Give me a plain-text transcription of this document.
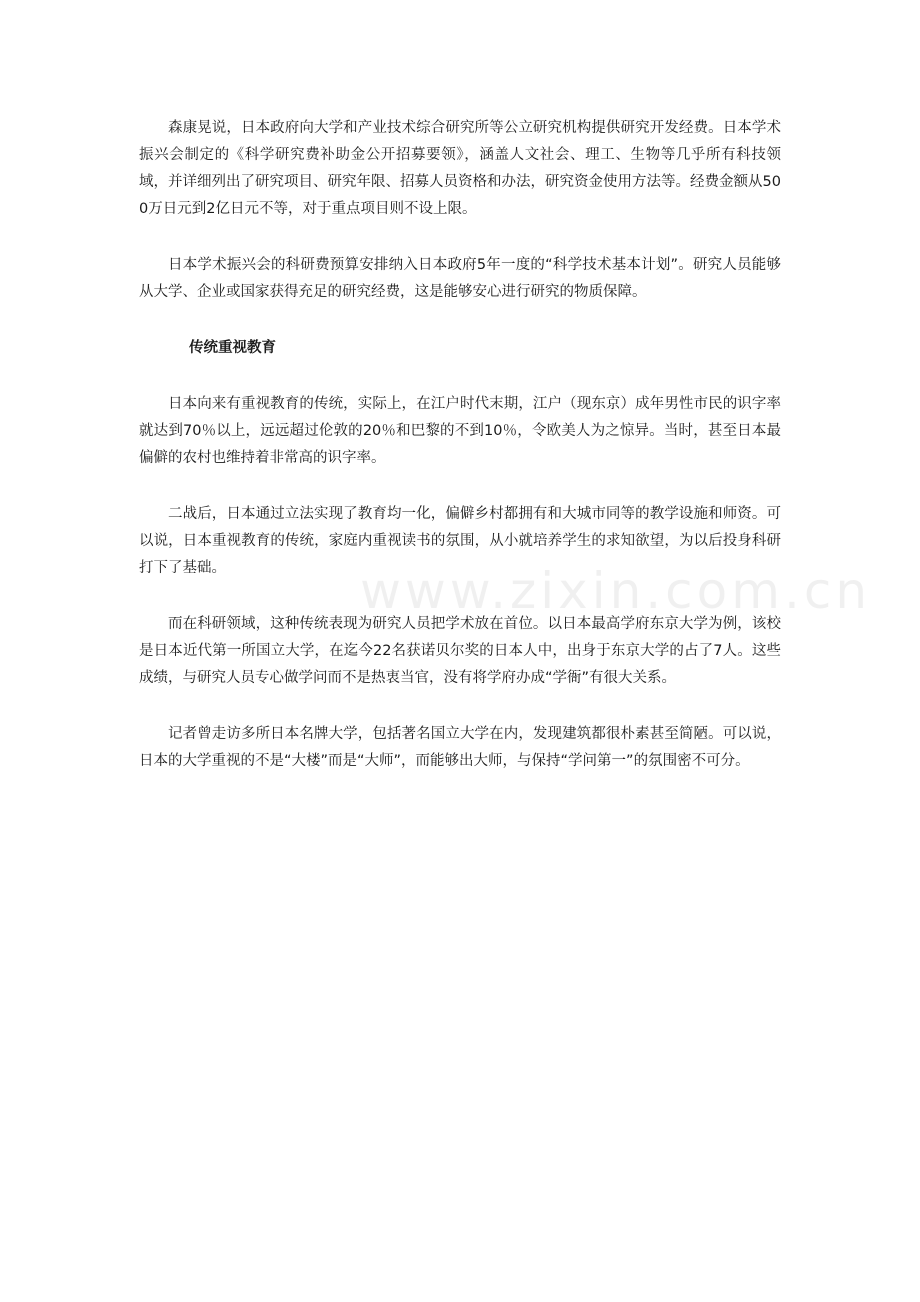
www.zixin.com.cn

森康晃说，日本政府向大学和产业技术综合研究所等公立研究机构提供研究开发经费。日本学术振兴会制定的《科学研究费补助金公开招募要领》，涵盖人文社会、理工、生物等几乎所有科技领域，并详细列出了研究项目、研究年限、招募人员资格和办法，研究资金使用方法等。经费金额从500万日元到2亿日元不等，对于重点项目则不设上限。

日本学术振兴会的科研费预算安排纳入日本政府5年一度的“科学技术基本计划”。研究人员能够从大学、企业或国家获得充足的研究经费，这是能够安心进行研究的物质保障。

传统重视教育

日本向来有重视教育的传统，实际上，在江户时代末期，江户（现东京）成年男性市民的识字率就达到70％以上，远远超过伦敦的20％和巴黎的不到10％，令欧美人为之惊异。当时，甚至日本最偏僻的农村也维持着非常高的识字率。

二战后，日本通过立法实现了教育均一化，偏僻乡村都拥有和大城市同等的教学设施和师资。可以说，日本重视教育的传统，家庭内重视读书的氛围，从小就培养学生的求知欲望，为以后投身科研打下了基础。

而在科研领域，这种传统表现为研究人员把学术放在首位。以日本最高学府东京大学为例，该校是日本近代第一所国立大学，在迄今22名获诺贝尔奖的日本人中，出身于东京大学的占了7人。这些成绩，与研究人员专心做学问而不是热衷当官，没有将学府办成“学衙”有很大关系。

记者曾走访多所日本名牌大学，包括著名国立大学在内，发现建筑都很朴素甚至简陋。可以说，日本的大学重视的不是“大楼”而是“大师”，而能够出大师，与保持“学问第一”的氛围密不可分。
